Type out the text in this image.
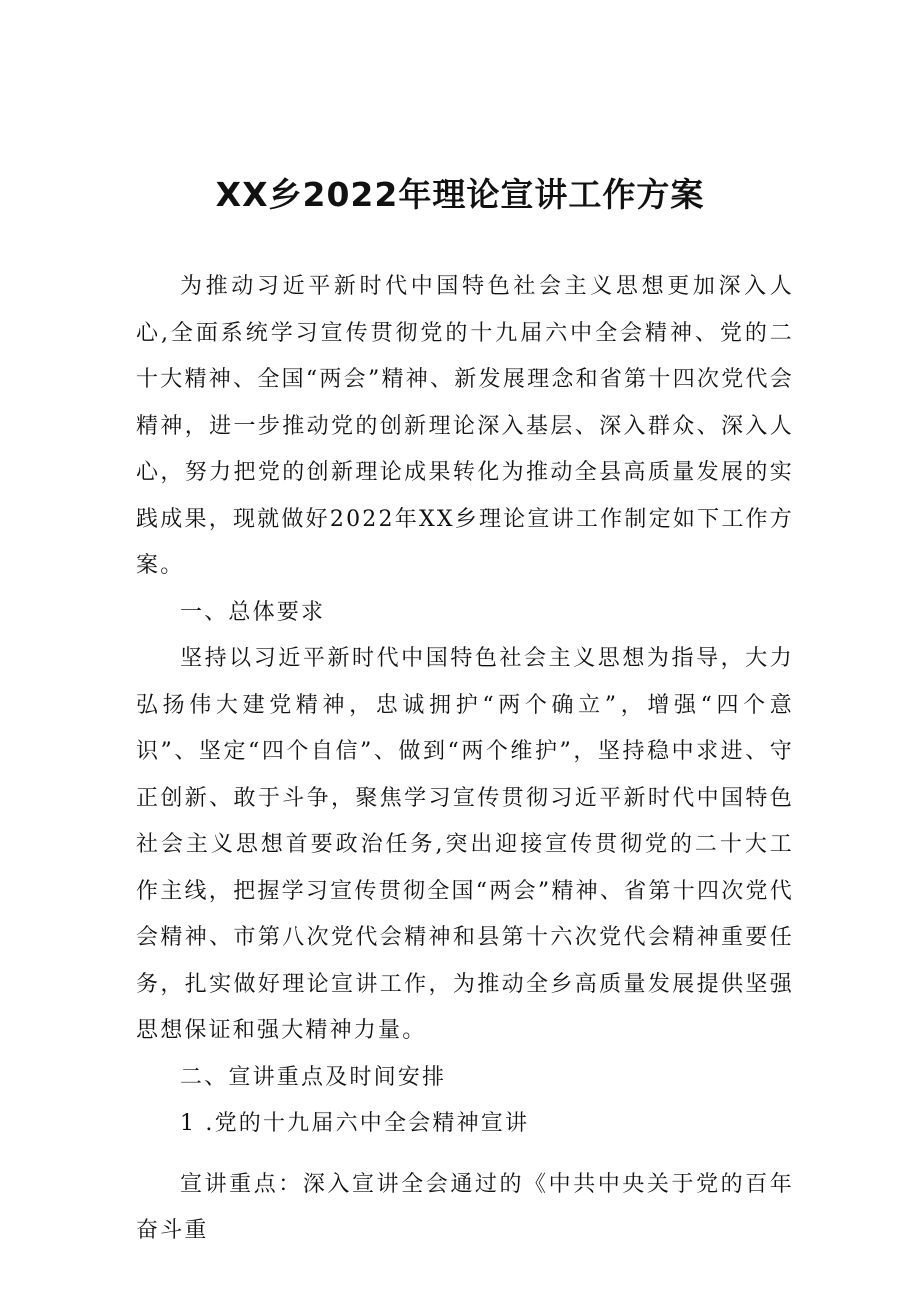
XX乡2022年理论宣讲工作方案

为推动习近平新时代中国特色社会主义思想更加深入人心,全面系统学习宣传贯彻党的十九届六中全会精神、党的二十大精神、全国“两会”精神、新发展理念和省第十四次党代会精神，进一步推动党的创新理论深入基层、深入群众、深入人心，努力把党的创新理论成果转化为推动全县高质量发展的实践成果，现就做好2022年XX乡理论宣讲工作制定如下工作方案。

一、总体要求

坚持以习近平新时代中国特色社会主义思想为指导，大力弘扬伟大建党精神，忠诚拥护“两个确立”，增强“四个意识”、坚定“四个自信”、做到“两个维护”，坚持稳中求进、守正创新、敢于斗争，聚焦学习宣传贯彻习近平新时代中国特色社会主义思想首要政治任务,突出迎接宣传贯彻党的二十大工作主线，把握学习宣传贯彻全国“两会”精神、省第十四次党代会精神、市第八次党代会精神和县第十六次党代会精神重要任务，扎实做好理论宣讲工作，为推动全乡高质量发展提供坚强思想保证和强大精神力量。

二、宣讲重点及时间安排

1 .党的十九届六中全会精神宣讲

宣讲重点：深入宣讲全会通过的《中共中央关于党的百年奋斗重
